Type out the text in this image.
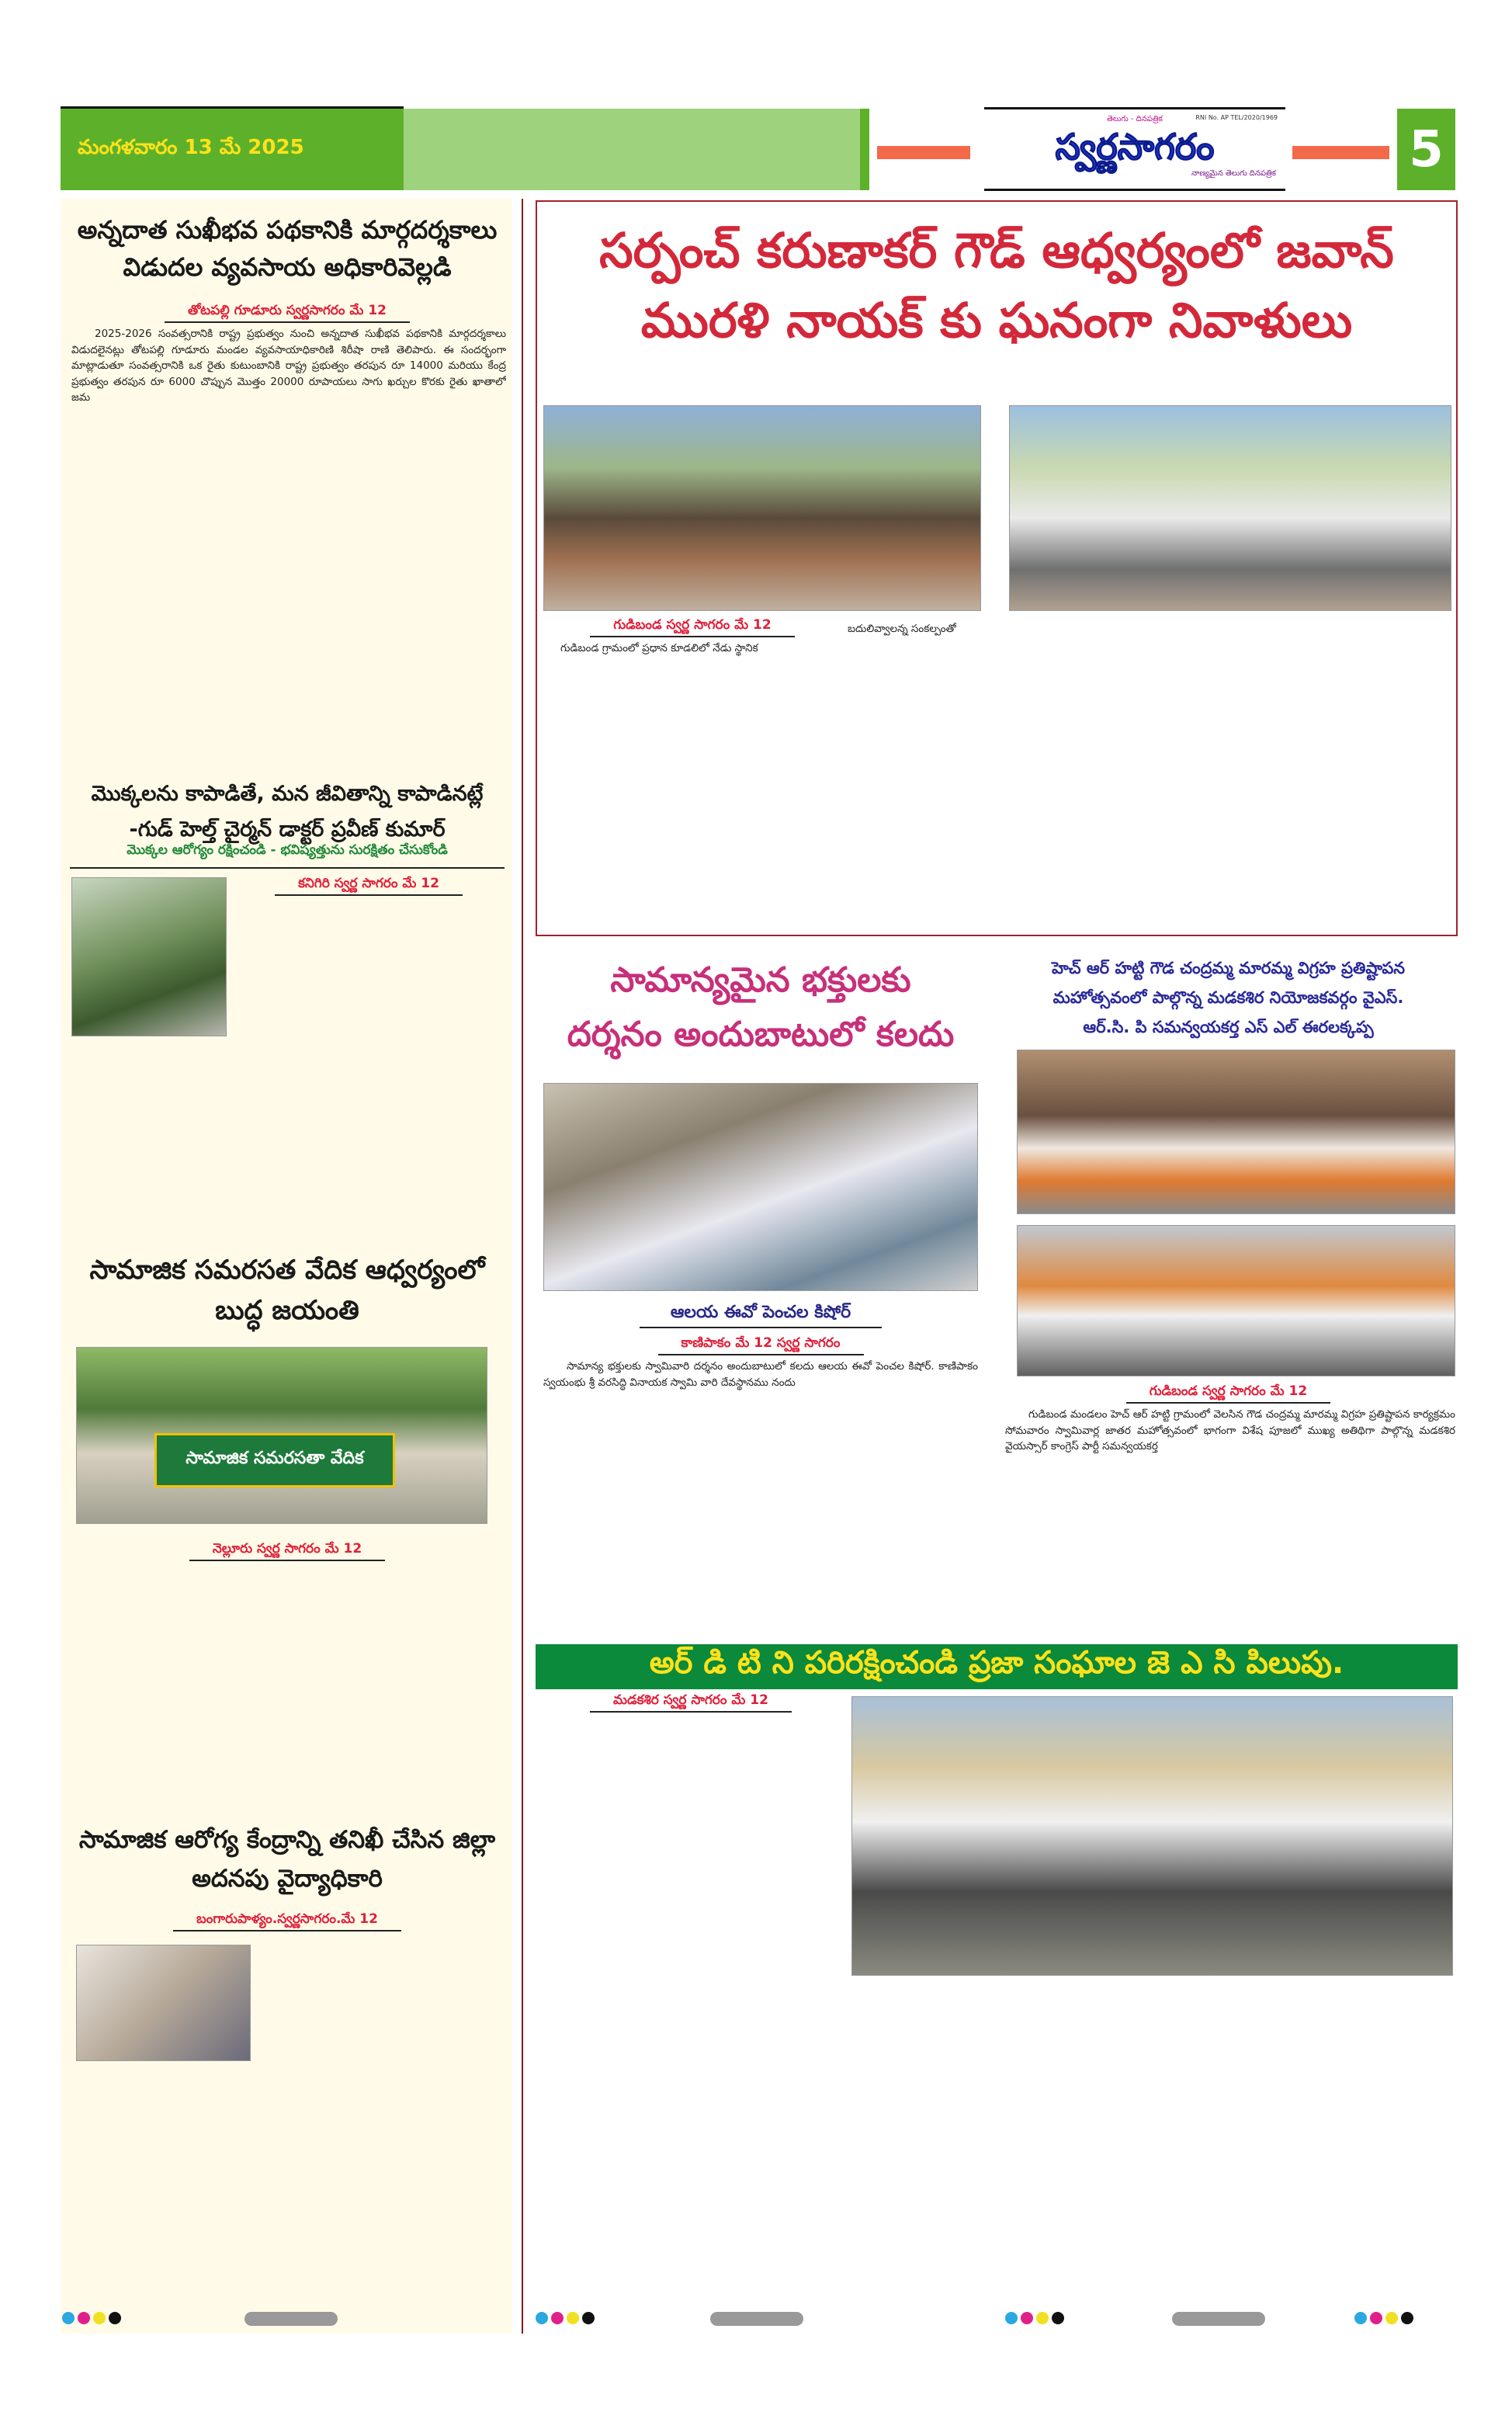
మంగళవారం 13 మే 2025
తెలుగు - దినపత్రిక	RNI No. AP TEL/2020/1969
స్వర్ణసాగరం
నాణ్యమైన తెలుగు దినపత్రిక	5
అన్నదాత సుఖీభవ పథకానికి మార్గదర్శకాలు విడుదల వ్యవసాయ అధికారివెల్లడి
తోటపల్లి గూడూరు స్వర్ణసాగరం మే 12
2025-2026 సంవత్సరానికి రాష్ట్ర ప్రభుత్వం నుంచి అన్నదాత సుఖీభవ పథకానికి మార్గదర్శకాలు విడుదలైనట్లు తోటపల్లి గూడూరు మండల వ్యవసాయాధికారిణి శిరీషా రాణి తెలిపారు. ఈ సందర్భంగా మాట్లాడుతూ సంవత్సరానికి ఒక రైతు కుటుంబానికి రాష్ట్ర ప్రభుత్వం తరపున రూ 14000 మరియు కేంద్ర ప్రభుత్వం తరపున రూ 6000 చొప్పున మొత్తం 20000 రూపాయలు సాగు ఖర్చుల కొరకు రైతు ఖాతాలో జమ
మొక్కలను కాపాడితే, మన జీవితాన్ని కాపాడినట్లే
-గుడ్ హెల్త్ చైర్మన్ డాక్టర్ ప్రవీణ్ కుమార్
మొక్కల ఆరోగ్యం రక్షించండి - భవిష్యత్తును సురక్షితం చేసుకోండి
కనిగిరి స్వర్ణ సాగరం మే 12
సామాజిక సమరసత వేదిక ఆధ్వర్యంలో బుద్ధ జయంతి
సామాజిక సమరసతా వేదిక
నెల్లూరు స్వర్ణ సాగరం మే 12
సామాజిక ఆరోగ్య కేంద్రాన్ని తనిఖీ చేసిన జిల్లా అదనపు వైద్యాధికారి
బంగారుపాళ్యం.స్వర్ణసాగరం.మే 12
సర్పంచ్ కరుణాకర్ గౌడ్ ఆధ్వర్యంలో జవాన్
మురళి నాయక్ కు ఘనంగా నివాళులు
గుడిబండ స్వర్ణ సాగరం మే 12
గుడిబండ గ్రామంలో ప్రధాన కూడలిలో నేడు స్థానిక
బదులివ్వాలన్న సంకల్పంతో
సామాన్యమైన భక్తులకు
దర్శనం అందుబాటులో కలదు
ఆలయ ఈవో పెంచల కిషోర్
కాణిపాకం మే 12 స్వర్ణ సాగరం
సామాన్య భక్తులకు స్వామివారి దర్శనం అందుబాటులో కలదు ఆలయ ఈవో పెంచల కిషోర్. కాణిపాకం స్వయంభు శ్రీ వరసిద్ధి వినాయక స్వామి వారి దేవస్థానము నందు
హెచ్ ఆర్ హట్టి గౌడ చంద్రమ్మ మారమ్మ విగ్రహ ప్రతిష్టాపన
మహోత్సవంలో పాల్గొన్న మడకశిర నియోజకవర్గం వైఎస్.
ఆర్.సి. పి సమన్వయకర్త ఎస్ ఎల్ ఈరలక్కప్ప
గుడిబండ స్వర్ణ సాగరం మే 12
గుడిబండ మండలం హెచ్ ఆర్ హట్టి గ్రామంలో వెలసిన గౌడ చంద్రమ్మ మారమ్మ విగ్రహ ప్రతిష్టాపన కార్యక్రమం సోమవారం స్వామివార్ల జాతర మహోత్సవంలో భాగంగా విశేష పూజలో ముఖ్య అతిథిగా పాల్గొన్న మడకశిర వైయస్సార్ కాంగ్రెస్ పార్టీ సమన్వయకర్త
అర్ డి టి ని పరిరక్షించండి ప్రజా సంఘాల జె ఎ సి పిలుపు.
మడకశిర స్వర్ణ సాగరం మే 12
